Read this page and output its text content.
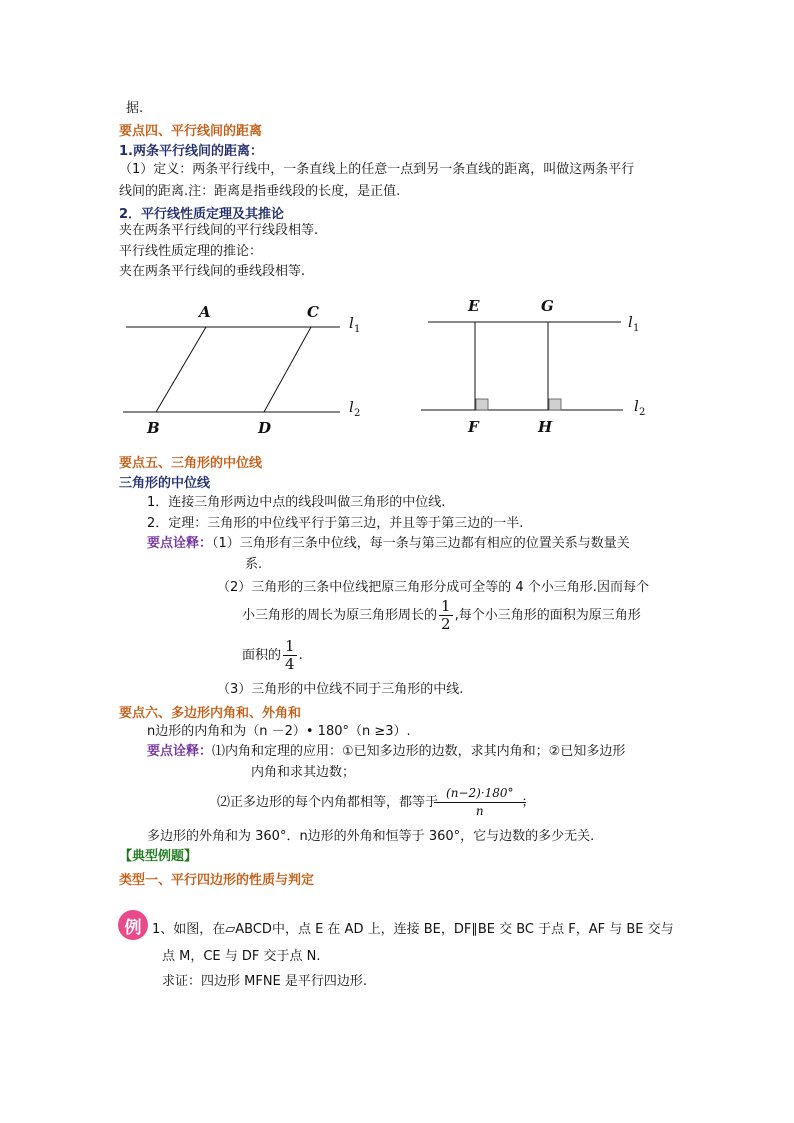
据.
要点四、平行线间的距离
1.两条平行线间的距离：
（1）定义：两条平行线中，一条直线上的任意一点到另一条直线的距离，叫做这两条平行
线间的距离.注：距离是指垂线段的长度，是正值.
2．平行线性质定理及其推论
夹在两条平行线间的平行线段相等.
平行线性质定理的推论：
夹在两条平行线间的垂线段相等.
A	C
B	D
l 1
l 2
E	G
F	H
l 1
l 2
要点五、三角形的中位线
三角形的中位线
1．连接三角形两边中点的线段叫做三角形的中位线.
2．定理：三角形的中位线平行于第三边，并且等于第三边的一半.
要点诠释：（1）三角形有三条中位线，每一条与第三边都有相应的位置关系与数量关
系.
（2）三角形的三条中位线把原三角形分成可全等的 4 个小三角形.因而每个
小三角形的周长为原三角形周长的 $\frac{1}{2}$ ,每个小三角形的面积为原三角形
面积的 $\frac{1}{4}$ .
（3）三角形的中位线不同于三角形的中线.
要点六、多边形内角和、外角和
n边形的内角和为（n －2）• 180°（n ≥3）.
要点诠释：⑴内角和定理的应用：①已知多边形的边数，求其内角和；②已知多边形
内角和求其边数；
⑵正多边形的每个内角都相等，都等于 $\frac{(n-2)\cdot 180^\circ}{n}$ ；
多边形的外角和为 360°．n边形的外角和恒等于 360°，它与边数的多少无关.
【典型例题】
类型一、平行四边形的性质与判定
例 1、如图，在▱ABCD中，点 E 在 AD 上，连接 BE，DF∥BE 交 BC 于点 F，AF 与 BE 交与
点 M，CE 与 DF 交于点 N.
求证：四边形 MFNE 是平行四边形.
